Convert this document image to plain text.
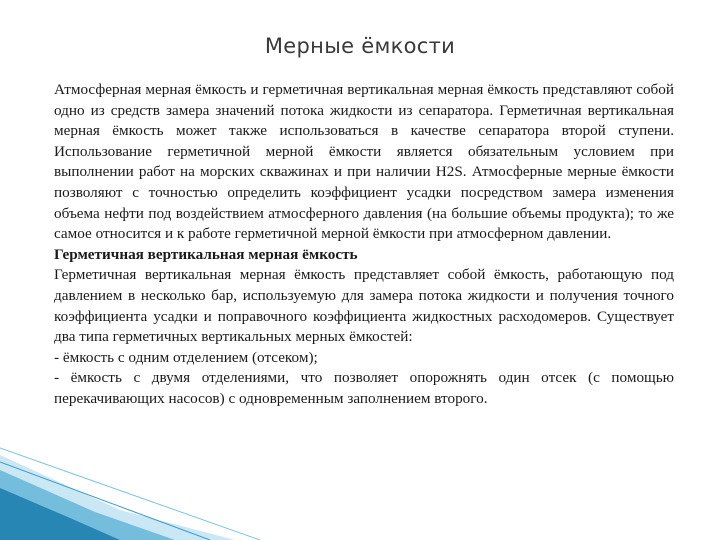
Мерные ёмкости

Атмосферная мерная ёмкость и герметичная вертикальная мерная ёмкость представляют собой одно из средств замера значений потока жидкости из сепаратора. Герметичная вертикальная мерная ёмкость может также использоваться в качестве сепаратора второй ступени. Использование герметичной мерной ёмкости является обязательным условием при выполнении работ на морских скважинах и при наличии H2S. Атмосферные мерные ёмкости позволяют с точностью определить коэффициент усадки посредством замера изменения объема нефти под воздействием атмосферного давления (на большие объемы продукта); то же самое относится и к работе герметичной мерной ёмкости при атмосферном давлении.

Герметичная вертикальная мерная ёмкость

Герметичная вертикальная мерная ёмкость представляет собой ёмкость, работающую под давлением в несколько бар, используемую для замера потока жидкости и получения точного коэффициента усадки и поправочного коэффициента жидкостных расходомеров. Существует два типа герметичных вертикальных мерных ёмкостей:

- ёмкость с одним отделением (отсеком);

- ёмкость с двумя отделениями, что позволяет опорожнять один отсек (с помощью перекачивающих насосов) с одновременным заполнением второго.
